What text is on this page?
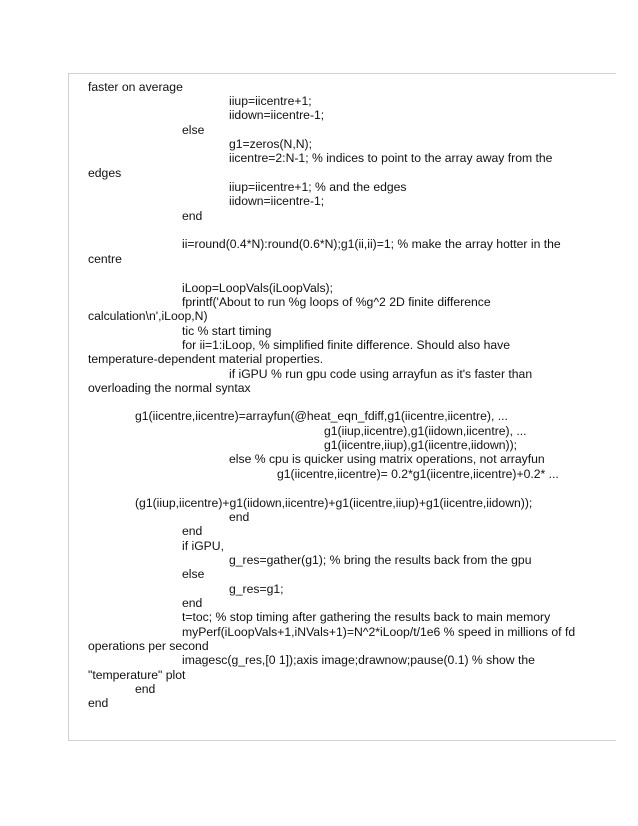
faster on average

iiup=iicentre+1;

iidown=iicentre-1;

else

g1=zeros(N,N);

iicentre=2:N-1; % indices to point to the array away from the

edges

iiup=iicentre+1; % and the edges

iidown=iicentre-1;

end

ii=round(0.4*N):round(0.6*N);g1(ii,ii)=1; % make the array hotter in the

centre

iLoop=LoopVals(iLoopVals);

fprintf('About to run %g loops of %g^2 2D finite difference

calculation\n',iLoop,N)

tic % start timing

for ii=1:iLoop, % simplified finite difference. Should also have

temperature-dependent material properties.

if iGPU % run gpu code using arrayfun as it's faster than

overloading the normal syntax

g1(iicentre,iicentre)=arrayfun(@heat_eqn_fdiff,g1(iicentre,iicentre), ...

g1(iiup,iicentre),g1(iidown,iicentre), ...

g1(iicentre,iiup),g1(iicentre,iidown));

else % cpu is quicker using matrix operations, not arrayfun

g1(iicentre,iicentre)= 0.2*g1(iicentre,iicentre)+0.2* ...

(g1(iiup,iicentre)+g1(iidown,iicentre)+g1(iicentre,iiup)+g1(iicentre,iidown));

end

end

if iGPU,

g_res=gather(g1); % bring the results back from the gpu

else

g_res=g1;

end

t=toc; % stop timing after gathering the results back to main memory

myPerf(iLoopVals+1,iNVals+1)=N^2*iLoop/t/1e6 % speed in millions of fd

operations per second

imagesc(g_res,[0 1]);axis image;drawnow;pause(0.1) % show the

"temperature" plot

end

end
